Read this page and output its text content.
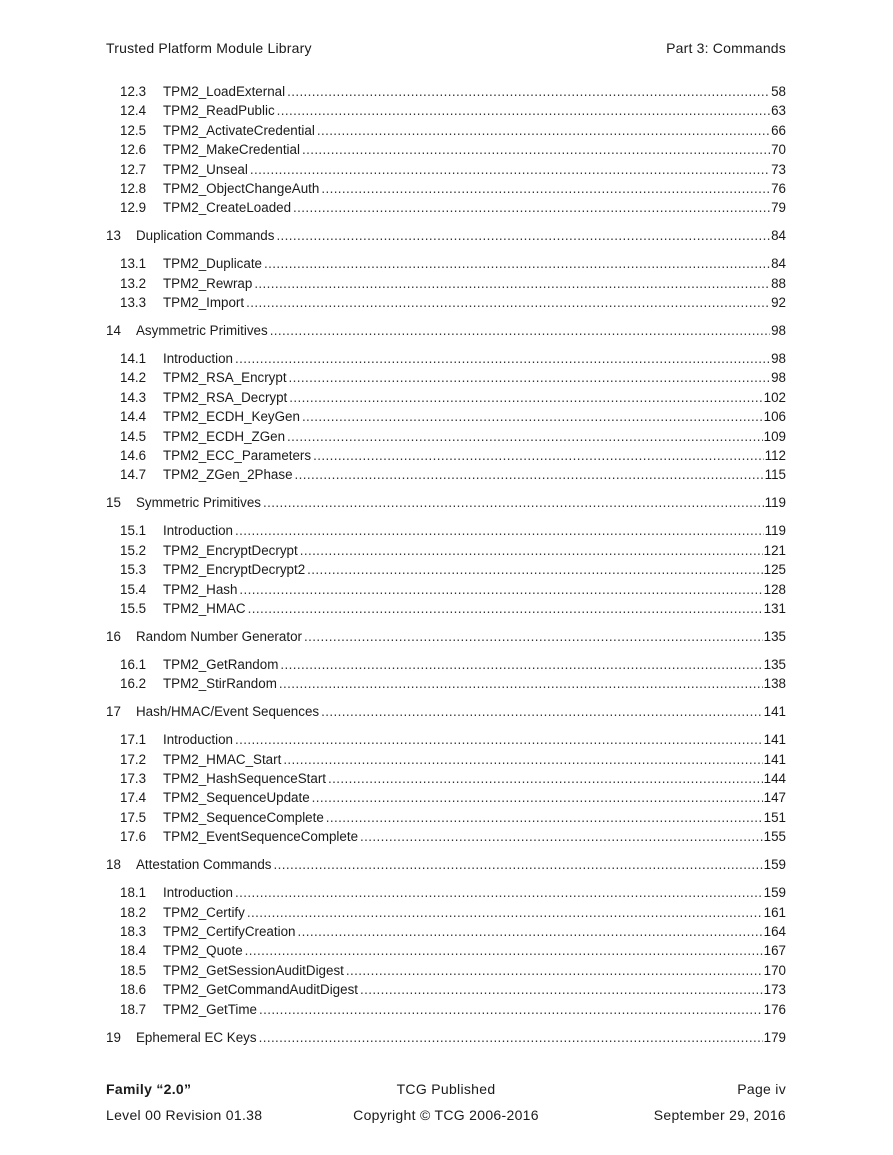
Trusted Platform Module Library	Part 3: Commands
12.3	TPM2_LoadExternal .....	58
12.4	TPM2_ReadPublic .....	63
12.5	TPM2_ActivateCredential .....	66
12.6	TPM2_MakeCredential .....	70
12.7	TPM2_Unseal .....	73
12.8	TPM2_ObjectChangeAuth .....	76
12.9	TPM2_CreateLoaded .....	79
13	Duplication Commands .....	84
13.1	TPM2_Duplicate .....	84
13.2	TPM2_Rewrap .....	88
13.3	TPM2_Import .....	92
14	Asymmetric Primitives .....	98
14.1	Introduction .....	98
14.2	TPM2_RSA_Encrypt .....	98
14.3	TPM2_RSA_Decrypt .....	102
14.4	TPM2_ECDH_KeyGen .....	106
14.5	TPM2_ECDH_ZGen .....	109
14.6	TPM2_ECC_Parameters .....	112
14.7	TPM2_ZGen_2Phase .....	115
15	Symmetric Primitives .....	119
15.1	Introduction .....	119
15.2	TPM2_EncryptDecrypt .....	121
15.3	TPM2_EncryptDecrypt2 .....	125
15.4	TPM2_Hash .....	128
15.5	TPM2_HMAC .....	131
16	Random Number Generator .....	135
16.1	TPM2_GetRandom .....	135
16.2	TPM2_StirRandom .....	138
17	Hash/HMAC/Event Sequences .....	141
17.1	Introduction .....	141
17.2	TPM2_HMAC_Start .....	141
17.3	TPM2_HashSequenceStart .....	144
17.4	TPM2_SequenceUpdate .....	147
17.5	TPM2_SequenceComplete .....	151
17.6	TPM2_EventSequenceComplete .....	155
18	Attestation Commands .....	159
18.1	Introduction .....	159
18.2	TPM2_Certify .....	161
18.3	TPM2_CertifyCreation .....	164
18.4	TPM2_Quote .....	167
18.5	TPM2_GetSessionAuditDigest .....	170
18.6	TPM2_GetCommandAuditDigest .....	173
18.7	TPM2_GetTime .....	176
19	Ephemeral EC Keys .....	179
Family “2.0”	TCG Published	Page iv
Level 00 Revision 01.38	Copyright © TCG 2006-2016	September 29, 2016
